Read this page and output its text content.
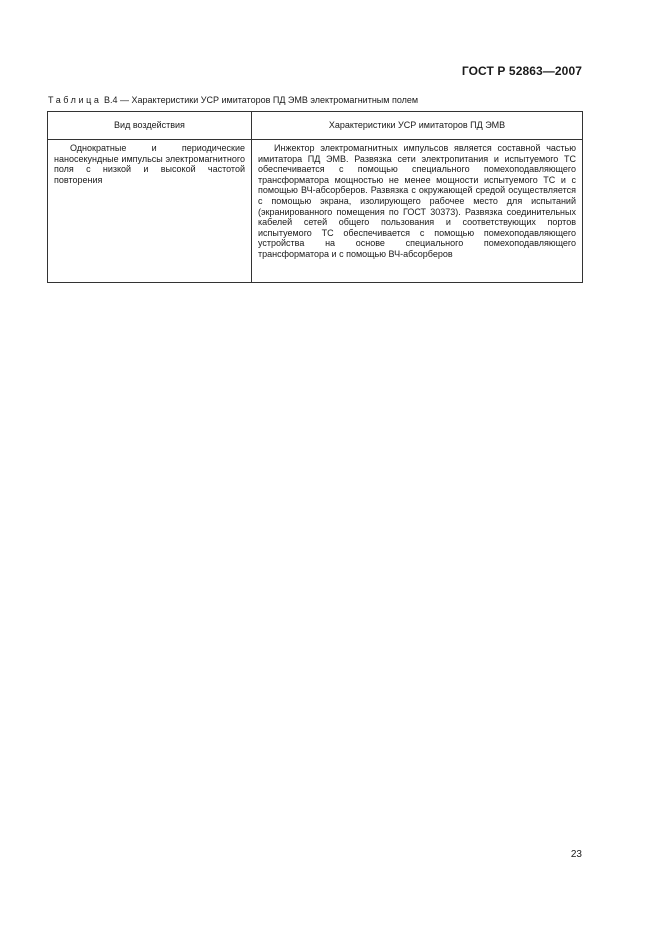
ГОСТ Р 52863—2007
Таблица В.4 — Характеристики УСР имитаторов ПД ЭМВ электромагнитным полем
Вид воздействия	Характеристики УСР имитаторов ПД ЭМВ
Однократные и периодические наносекундные импульсы электромагнитного поля с низкой и высокой частотой повторения	Инжектор электромагнитных импульсов является составной частью имитатора ПД ЭМВ. Развязка сети электропитания и испытуемого ТС обеспечивается с помощью специального помехоподавляющего трансформатора мощностью не менее мощности испытуемого ТС и с помощью ВЧ-абсорберов. Развязка с окружающей средой осуществляется с помощью экрана, изолирующего рабочее место для испытаний (экранированного помещения по ГОСТ 30373). Развязка соединительных кабелей сетей общего пользования и соответствующих портов испытуемого ТС обеспечивается с помощью помехоподавляющего устройства на основе специального помехоподавляющего трансформатора и с помощью ВЧ-абсорберов
23
